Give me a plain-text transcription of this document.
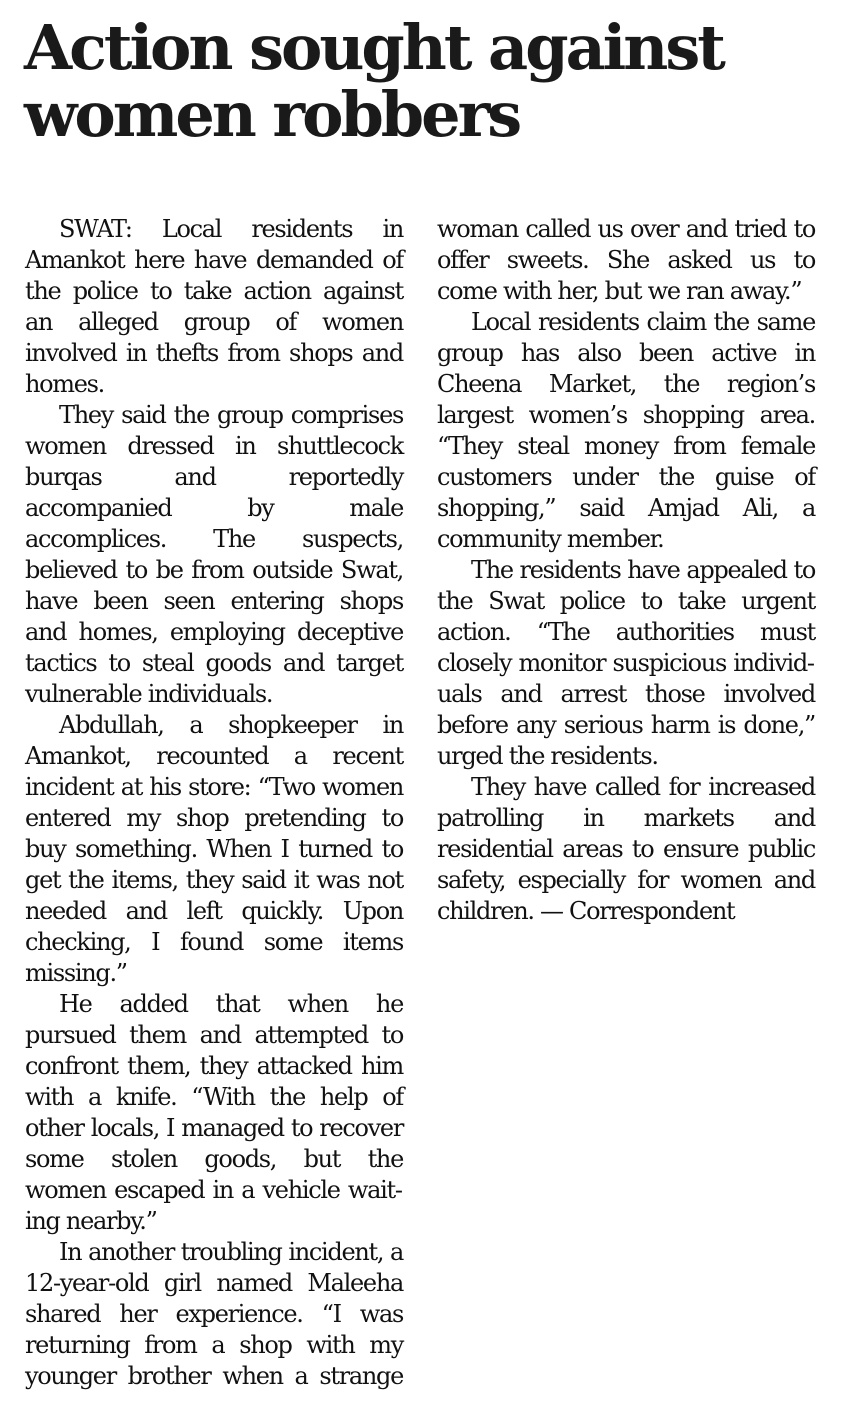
Action sought against women robbers

SWAT: Local residents in Amankot here have demanded of the police to take action against an alleged group of women involved in thefts from shops and homes.

They said the group comprises women dressed in shuttlecock burqas and reportedly accompanied by male accomplices. The suspects, believed to be from outside Swat, have been seen entering shops and homes, employing deceptive tactics to steal goods and target vulnerable individuals.

Abdullah, a shopkeeper in Amankot, recounted a recent incident at his store: “Two women entered my shop pretending to buy something. When I turned to get the items, they said it was not needed and left quickly. Upon checking, I found some items missing.”

He added that when he pursued them and attempted to confront them, they attacked him with a knife. “With the help of other locals, I managed to recover some stolen goods, but the women escaped in a vehicle waiting nearby.”

In another troubling incident, a 12-year-old girl named Maleeha shared her experience. “I was returning from a shop with my younger brother when a strange woman called us over and tried to offer sweets. She asked us to come with her, but we ran away.”

Local residents claim the same group has also been active in Cheena Market, the region’s largest women’s shopping area. “They steal money from female customers under the guise of shopping,” said Amjad Ali, a community member.

The residents have appealed to the Swat police to take urgent action. “The authorities must closely monitor suspicious individuals and arrest those involved before any serious harm is done,” urged the residents.

They have called for increased patrolling in markets and residential areas to ensure public safety, especially for women and children. — Correspondent
